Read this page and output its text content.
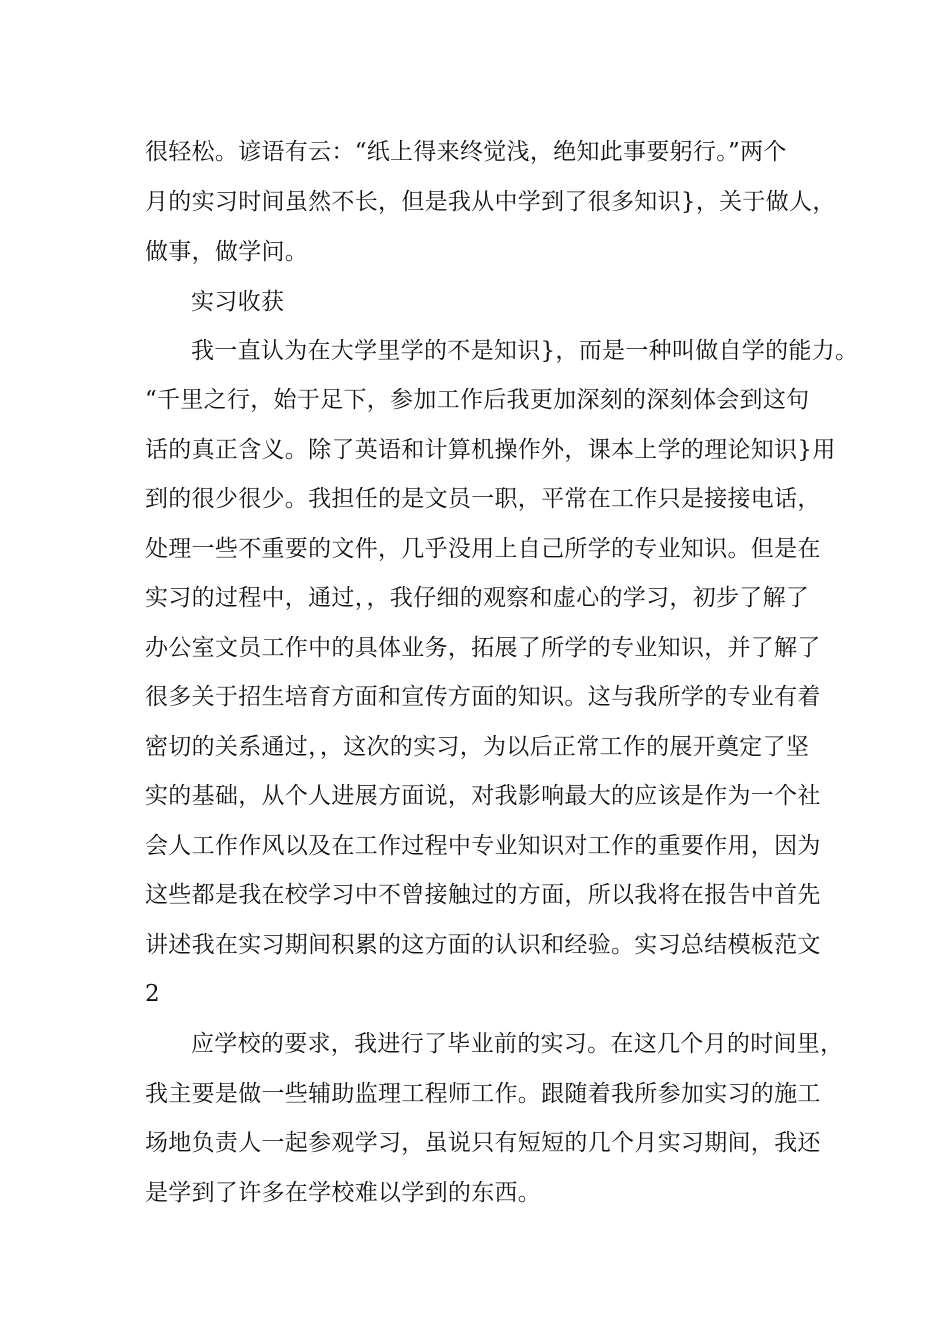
很轻松。谚语有云：“纸上得来终觉浅，绝知此事要躬行。”两个
月的实习时间虽然不长，但是我从中学到了很多知识}，关于做人，
做事，做学问。
实习收获
我一直认为在大学里学的不是知识}，而是一种叫做自学的能力。
“千里之行，始于足下，参加工作后我更加深刻的深刻体会到这句
话的真正含义。除了英语和计算机操作外，课本上学的理论知识}用
到的很少很少。我担任的是文员一职，平常在工作只是接接电话，
处理一些不重要的文件，几乎没用上自己所学的专业知识。但是在
实习的过程中，通过，，我仔细的观察和虚心的学习，初步了解了
办公室文员工作中的具体业务，拓展了所学的专业知识，并了解了
很多关于招生培育方面和宣传方面的知识。这与我所学的专业有着
密切的关系通过，，这次的实习，为以后正常工作的展开奠定了坚
实的基础，从个人进展方面说，对我影响最大的应该是作为一个社
会人工作作风以及在工作过程中专业知识对工作的重要作用，因为
这些都是我在校学习中不曾接触过的方面，所以我将在报告中首先
讲述我在实习期间积累的这方面的认识和经验。实习总结模板范文
2
应学校的要求，我进行了毕业前的实习。在这几个月的时间里，
我主要是做一些辅助监理工程师工作。跟随着我所参加实习的施工
场地负责人一起参观学习，虽说只有短短的几个月实习期间，我还
是学到了许多在学校难以学到的东西。
